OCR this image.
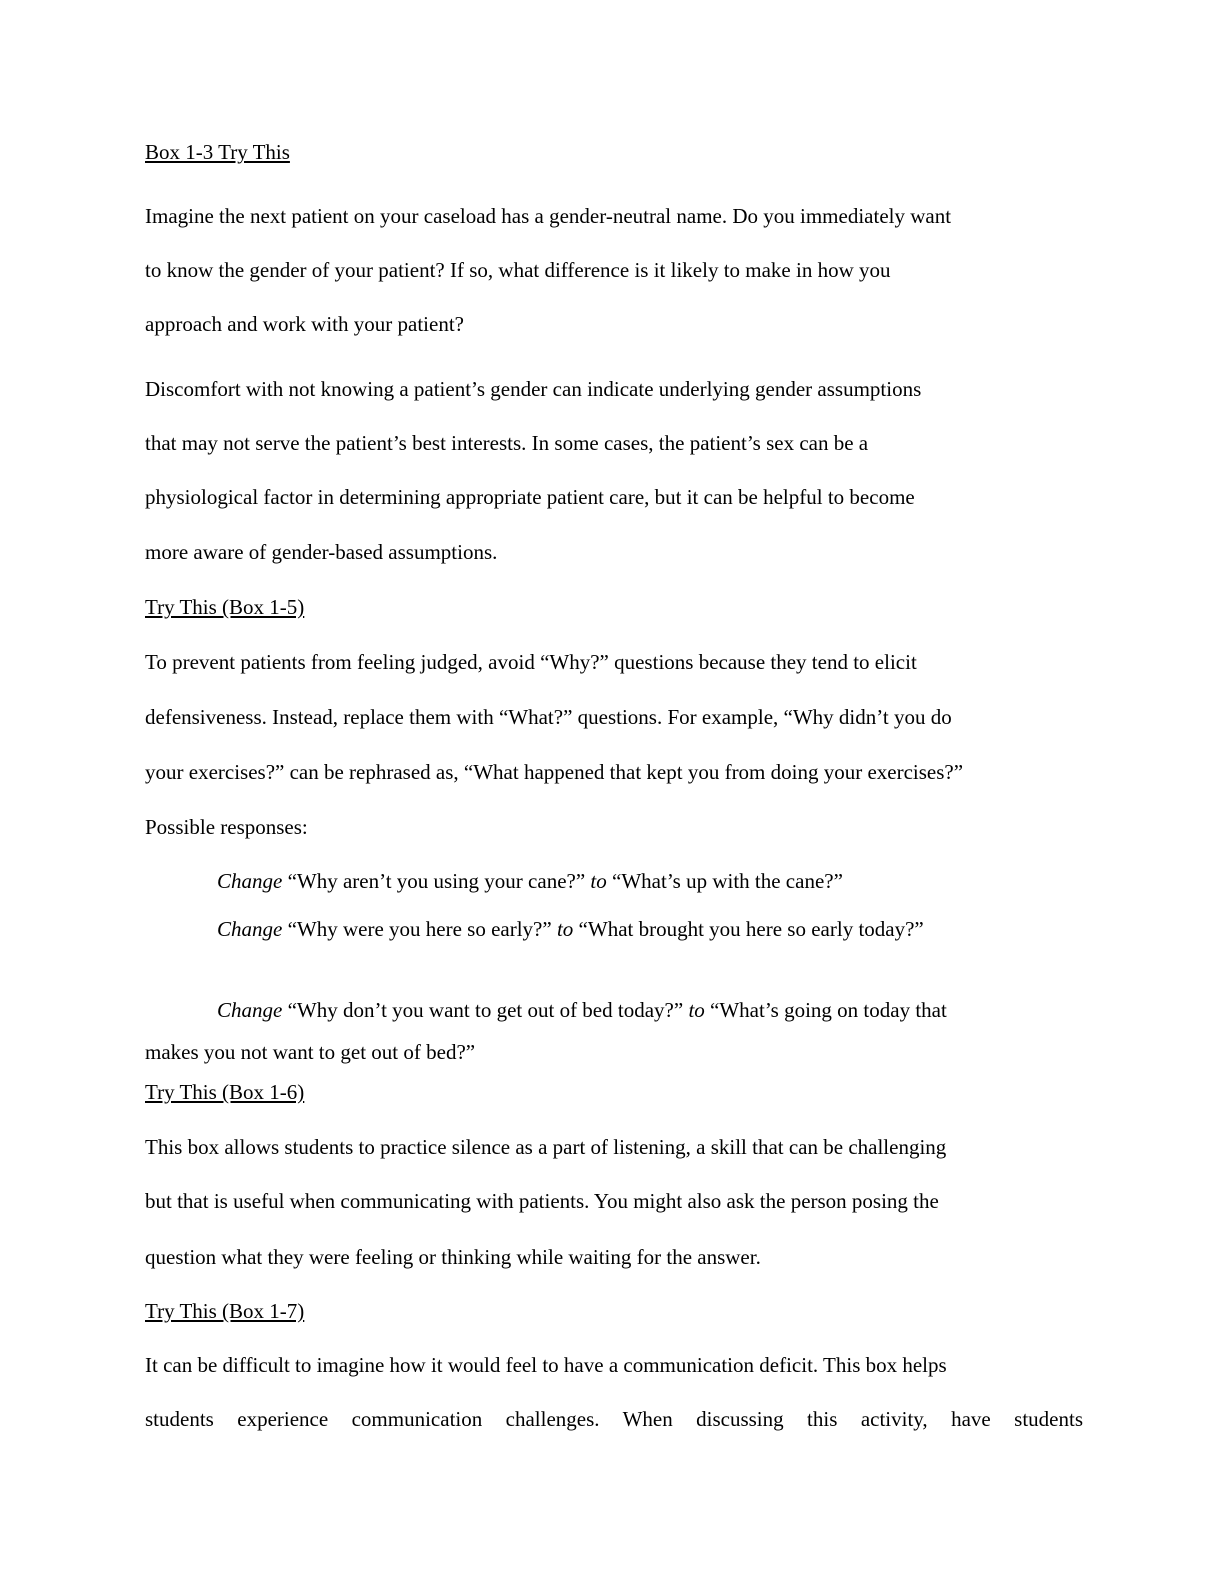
Box 1-3 Try This
Imagine the next patient on your caseload has a gender-neutral name. Do you immediately want
to know the gender of your patient? If so, what difference is it likely to make in how you
approach and work with your patient?
Discomfort with not knowing a patient’s gender can indicate underlying gender assumptions
that may not serve the patient’s best interests. In some cases, the patient’s sex can be a
physiological factor in determining appropriate patient care, but it can be helpful to become
more aware of gender-based assumptions.
Try This (Box 1-5)
To prevent patients from feeling judged, avoid “Why?” questions because they tend to elicit
defensiveness. Instead, replace them with “What?” questions. For example, “Why didn’t you do
your exercises?” can be rephrased as, “What happened that kept you from doing your exercises?”
Possible responses:
Change “Why aren’t you using your cane?” to “What’s up with the cane?”
Change “Why were you here so early?” to “What brought you here so early today?”
Change “Why don’t you want to get out of bed today?” to “What’s going on today that
makes you not want to get out of bed?”
Try This (Box 1-6)
This box allows students to practice silence as a part of listening, a skill that can be challenging
but that is useful when communicating with patients. You might also ask the person posing the
question what they were feeling or thinking while waiting for the answer.
Try This (Box 1-7)
It can be difficult to imagine how it would feel to have a communication deficit. This box helps
students experience communication challenges. When discussing this activity, have students
